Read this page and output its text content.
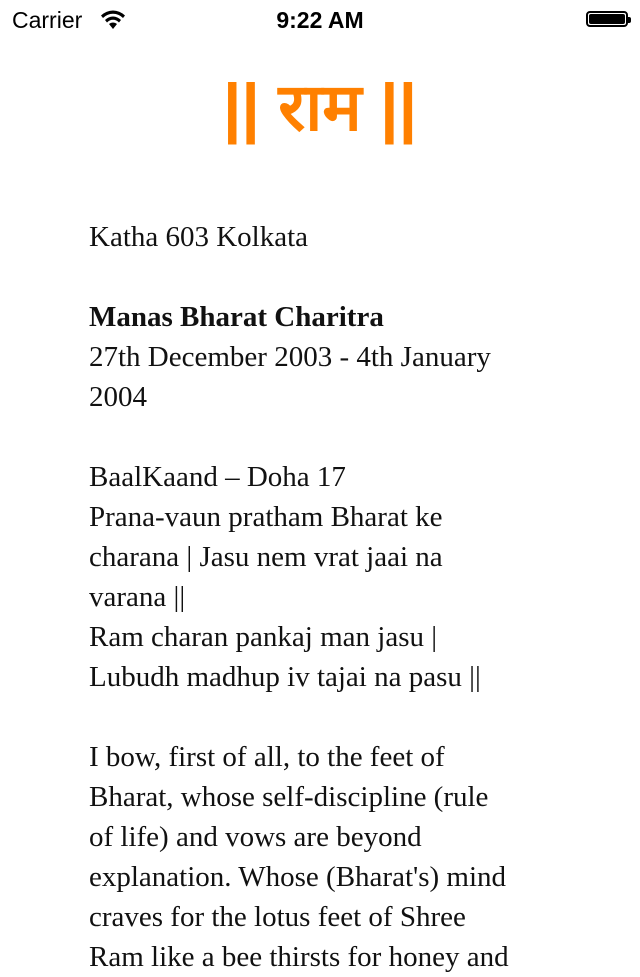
Carrier	9:22 AM
|| राम ||
Katha 603 Kolkata
Manas Bharat Charitra
27th December 2003 - 4th January
2004
BaalKaand – Doha 17
Prana-vaun pratham Bharat ke
charana | Jasu nem vrat jaai na
varana ||
Ram charan pankaj man jasu |
Lubudh madhup iv tajai na pasu ||
I bow, first of all, to the feet of
Bharat, whose self-discipline (rule
of life) and vows are beyond
explanation. Whose (Bharat's) mind
craves for the lotus feet of Shree
Ram like a bee thirsts for honey and
